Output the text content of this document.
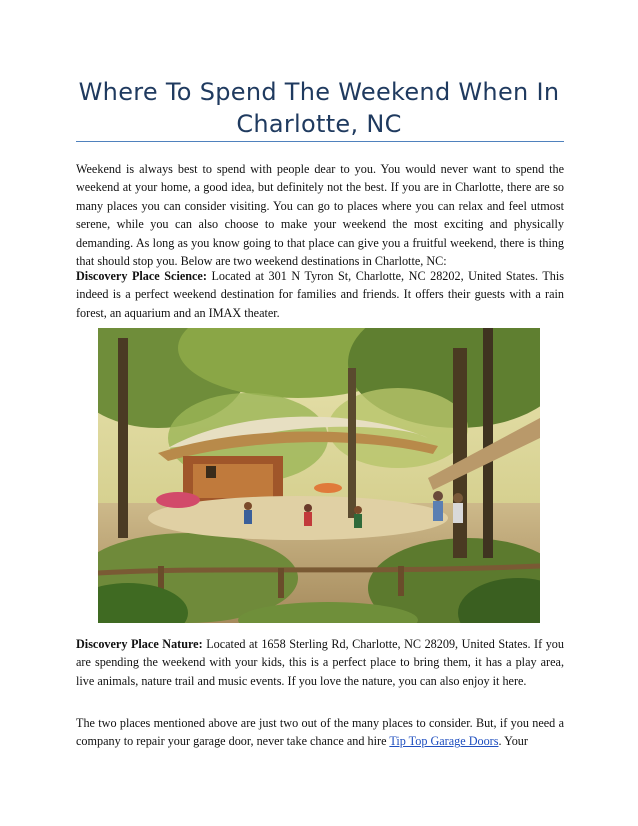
Where To Spend The Weekend When In Charlotte, NC

Weekend is always best to spend with people dear to you. You would never want to spend the weekend at your home, a good idea, but definitely not the best. If you are in Charlotte, there are so many places you can consider visiting. You can go to places where you can relax and feel utmost serene, while you can also choose to make your weekend the most exciting and physically demanding. As long as you know going to that place can give you a fruitful weekend, there is thing that should stop you. Below are two weekend destinations in Charlotte, NC:

Discovery Place Science: Located at 301 N Tyron St, Charlotte, NC 28202, United States. This indeed is a perfect weekend destination for families and friends. It offers their guests with a rain forest, an aquarium and an IMAX theater.

Discovery Place Nature: Located at 1658 Sterling Rd, Charlotte, NC 28209, United States. If you are spending the weekend with your kids, this is a perfect place to bring them, it has a play area, live animals, nature trail and music events. If you love the nature, you can also enjoy it here.

The two places mentioned above are just two out of the many places to consider. But, if you need a company to repair your garage door, never take chance and hire Tip Top Garage Doors. Your
